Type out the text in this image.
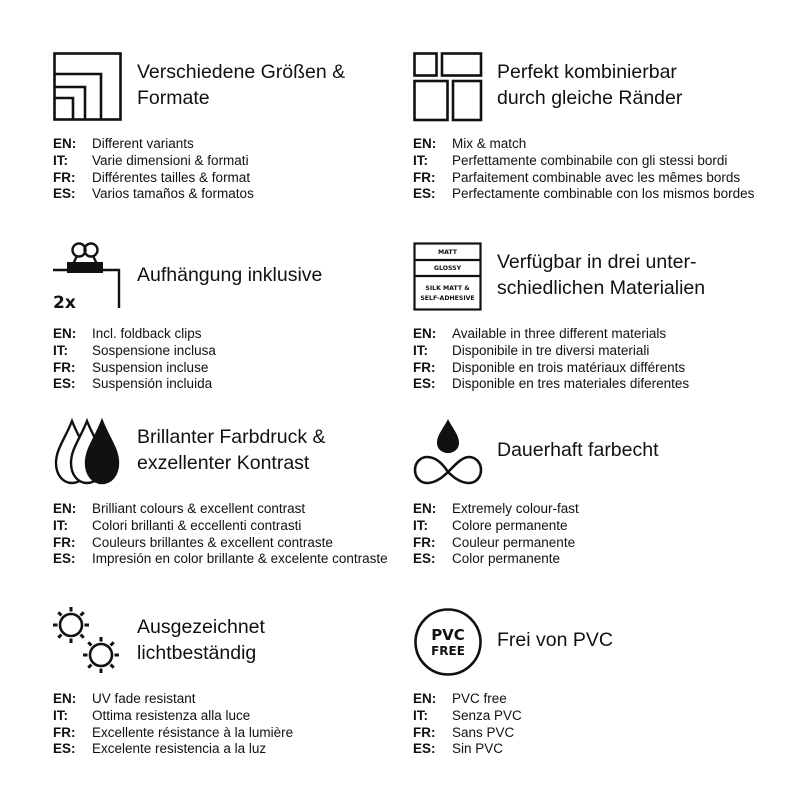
Verschiedene Größen &
Formate
EN:	Different variants
IT:	Varie dimensioni & formati
FR:	Différentes tailles & format
ES:	Varios tamaños & formatos
Perfekt kombinierbar
durch gleiche Ränder
EN:	Mix & match
IT:	Perfettamente combinabile con gli stessi bordi
FR:	Parfaitement combinable avec les mêmes bords
ES:	Perfectamente combinable con los mismos bordes
2x
Aufhängung inklusive
EN:	Incl. foldback clips
IT:	Sospensione inclusa
FR:	Suspension incluse
ES:	Suspensión incluida
MATT
GLOSSY
SILK MATT &
SELF-ADHESIVE
Verfügbar in drei unter-
schiedlichen Materialien
EN:	Available in three different materials
IT:	Disponibile in tre diversi materiali
FR:	Disponible en trois matériaux différents
ES:	Disponible en tres materiales diferentes
Brillanter Farbdruck &
exzellenter Kontrast
EN:	Brilliant colours & excellent contrast
IT:	Colori brillanti & eccellenti contrasti
FR:	Couleurs brillantes & excellent contraste
ES:	Impresión en color brillante & excelente contraste
Dauerhaft farbecht
EN:	Extremely colour-fast
IT:	Colore permanente
FR:	Couleur permanente
ES:	Color permanente
Ausgezeichnet
lichtbeständig
EN:	UV fade resistant
IT:	Ottima resistenza alla luce
FR:	Excellente résistance à la lumière
ES:	Excelente resistencia a la luz
PVC
FREE Frei von PVC
EN:	PVC free
IT:	Senza PVC
FR:	Sans PVC
ES:	Sin PVC
